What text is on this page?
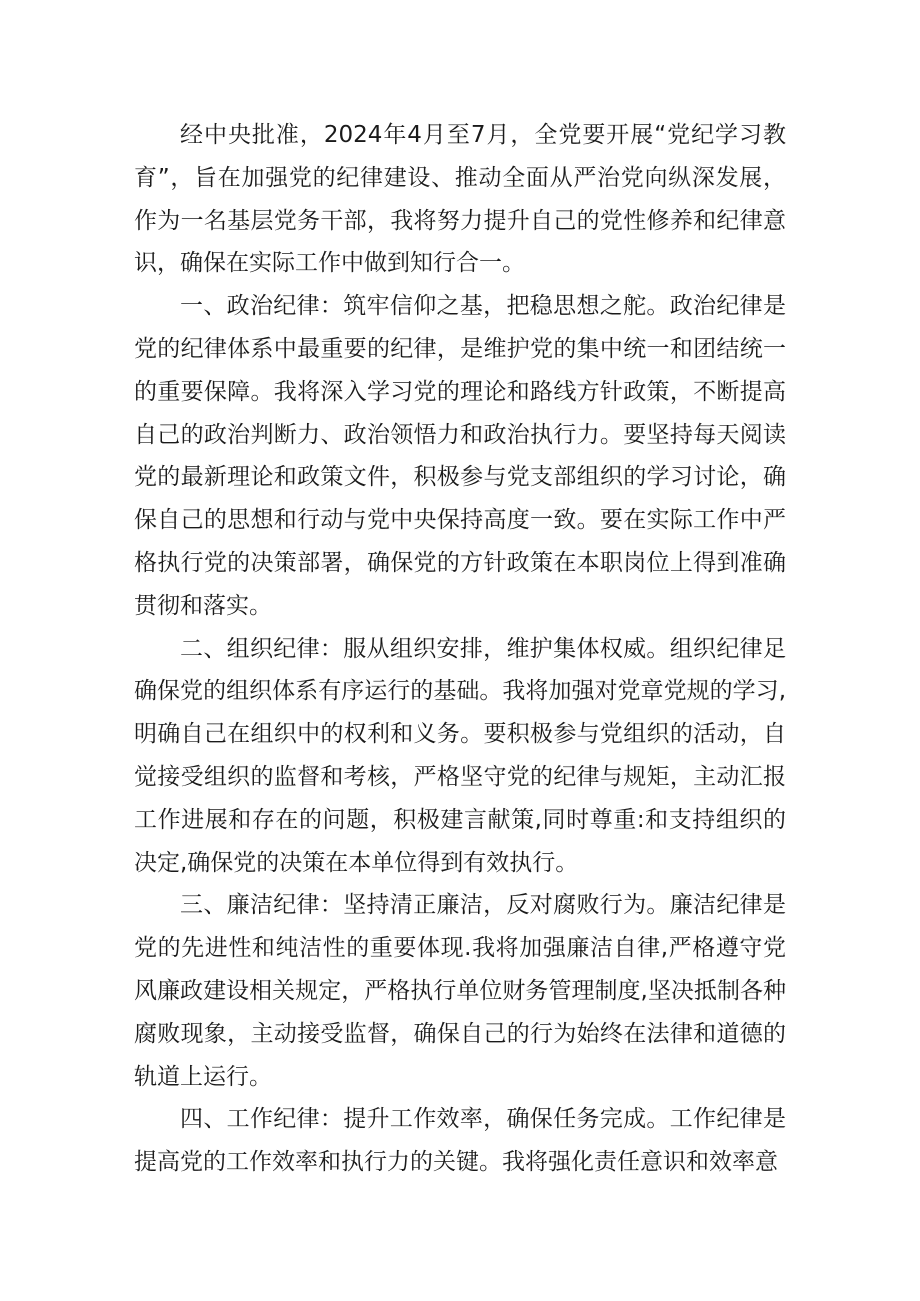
经中央批准，2024年4月至7月，全党要开展“党纪学习教育”，旨在加强党的纪律建设、推动全面从严治党向纵深发展，作为一名基层党务干部，我将努力提升自己的党性修养和纪律意识，确保在实际工作中做到知行合一。

一、政治纪律：筑牢信仰之基，把稳思想之舵。政治纪律是党的纪律体系中最重要的纪律，是维护党的集中统一和团结统一的重要保障。我将深入学习党的理论和路线方针政策，不断提高自己的政治判断力、政治领悟力和政治执行力。要坚持每天阅读党的最新理论和政策文件，积极参与党支部组织的学习讨论，确保自己的思想和行动与党中央保持高度一致。要在实际工作中严格执行党的决策部署，确保党的方针政策在本职岗位上得到准确贯彻和落实。

二、组织纪律：服从组织安排，维护集体权威。组织纪律足确保党的组织体系有序运行的基础。我将加强对党章党规的学习,明确自己在组织中的权利和义务。要积极参与党组织的活动，自觉接受组织的监督和考核，严格坚守党的纪律与规矩，主动汇报工作进展和存在的问题，积极建言献策,同时尊重:和支持组织的决定,确保党的决策在本单位得到有效执行。

三、廉洁纪律：坚持清正廉洁，反对腐败行为。廉洁纪律是党的先进性和纯洁性的重要体现.我将加强廉洁自律,严格遵守党风廉政建设相关规定，严格执行单位财务管理制度,坚决抵制各种腐败现象，主动接受监督，确保自己的行为始终在法律和道德的轨道上运行。

四、工作纪律：提升工作效率，确保任务完成。工作纪律是提高党的工作效率和执行力的关键。我将强化责任意识和效率意
